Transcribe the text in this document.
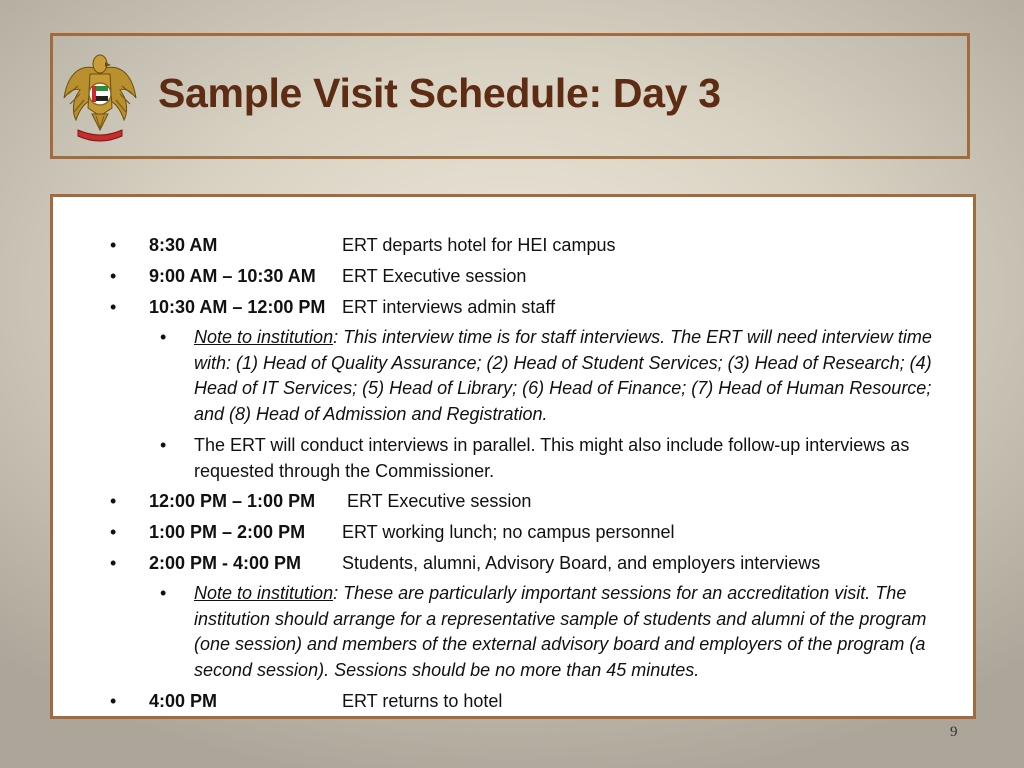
Sample Visit Schedule: Day 3
• 8:30 AM	ERT departs hotel for HEI campus
• 9:00 AM – 10:30 AM ERT Executive session
• 10:30 AM – 12:00 PM ERT interviews admin staff
• Note to institution: This interview time is for staff interviews. The ERT will need interview time with: (1) Head of Quality Assurance; (2) Head of Student Services; (3) Head of Research; (4) Head of IT Services; (5) Head of Library; (6) Head of Finance; (7) Head of Human Resource; and (8) Head of Admission and Registration.
• The ERT will conduct interviews in parallel. This might also include follow-up interviews as requested through the Commissioner.
• 12:00 PM – 1:00 PM ERT Executive session
• 1:00 PM – 2:00 PM ERT working lunch; no campus personnel
• 2:00 PM - 4:00 PM Students, alumni, Advisory Board, and employers interviews
• Note to institution: These are particularly important sessions for an accreditation visit. The institution should arrange for a representative sample of students and alumni of the program (one session) and members of the external advisory board and employers of the program (a second session). Sessions should be no more than 45 minutes.
• 4:00 PM	ERT returns to hotel
9
